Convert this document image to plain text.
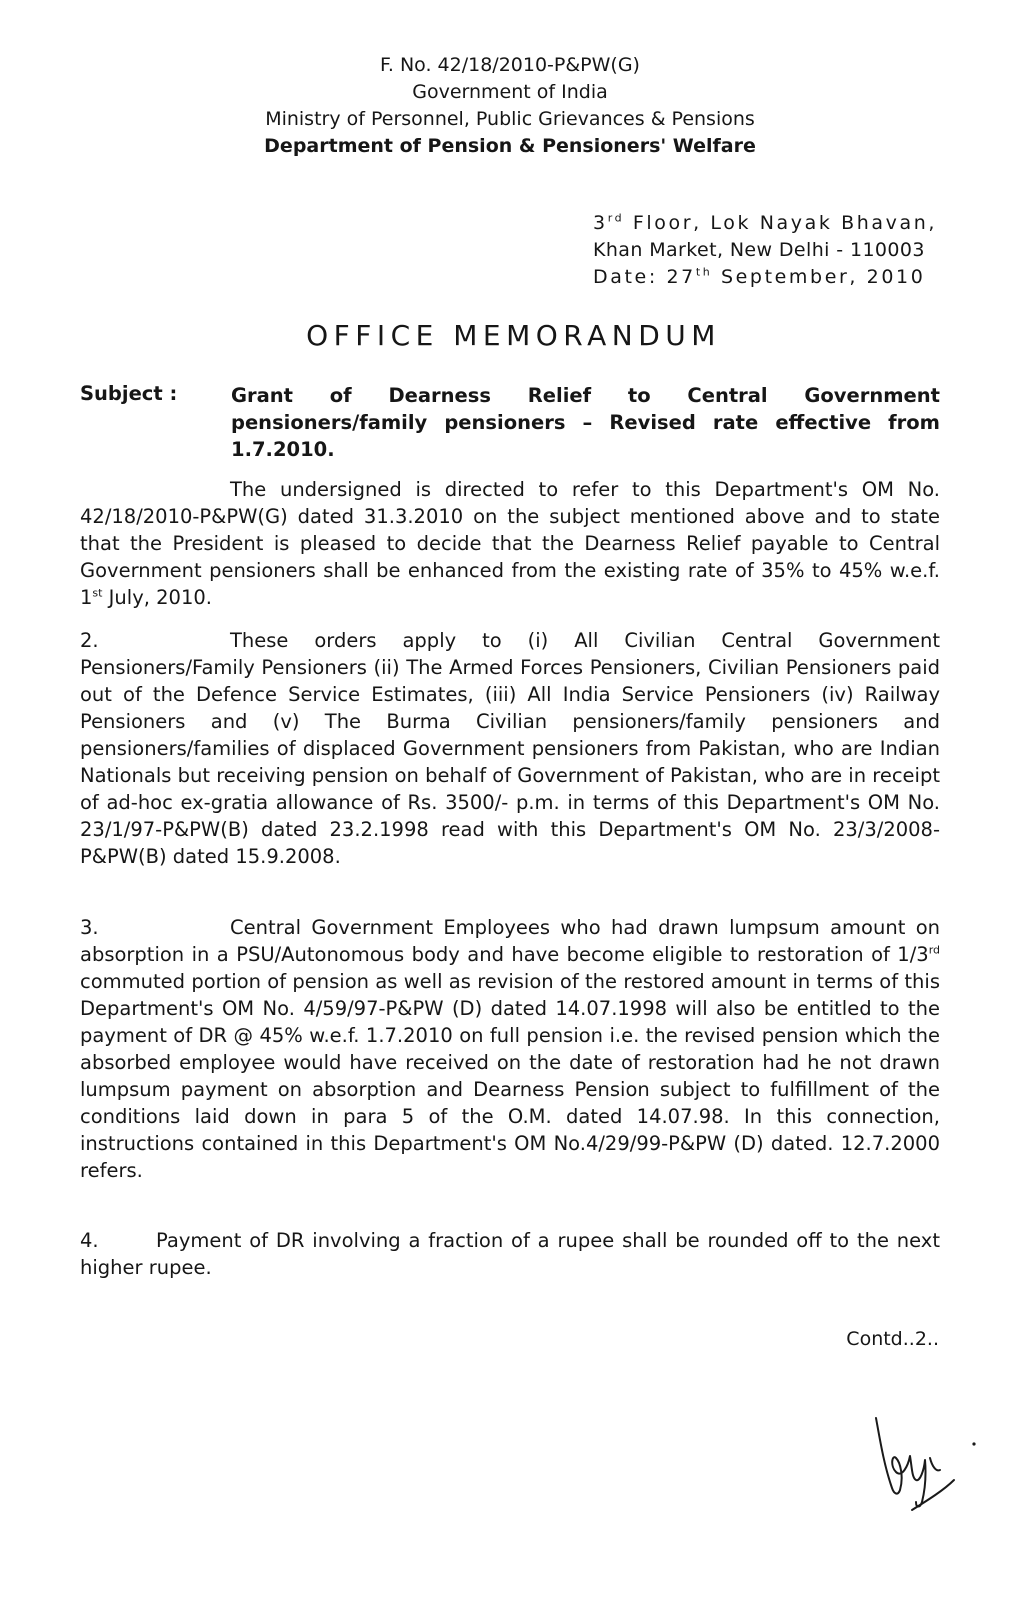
F. No. 42/18/2010-P&PW(G)
Government of India
Ministry of Personnel, Public Grievances & Pensions
Department of Pension & Pensioners' Welfare
3rd Floor, Lok Nayak Bhavan,
Khan Market, New Delhi - 110003
Date: 27th September, 2010
OFFICE MEMORANDUM
Subject :	Grant of Dearness Relief to Central Government pensioners/family pensioners – Revised rate effective from 1.7.2010.
The undersigned is directed to refer to this Department's OM No. 42/18/2010-P&PW(G) dated 31.3.2010 on the subject mentioned above and to state that the President is pleased to decide that the Dearness Relief payable to Central Government pensioners shall be enhanced from the existing rate of 35% to 45% w.e.f. 1st July, 2010.
2.	These orders apply to (i) All Civilian Central Government Pensioners/Family Pensioners (ii) The Armed Forces Pensioners, Civilian Pensioners paid out of the Defence Service Estimates, (iii) All India Service Pensioners (iv) Railway Pensioners and (v) The Burma Civilian pensioners/family pensioners and pensioners/families of displaced Government pensioners from Pakistan, who are Indian Nationals but receiving pension on behalf of Government of Pakistan, who are in receipt of ad-hoc ex-gratia allowance of Rs. 3500/- p.m. in terms of this Department's OM No. 23/1/97-P&PW(B) dated 23.2.1998 read with this Department's OM No. 23/3/2008-P&PW(B) dated 15.9.2008.
3.	Central Government Employees who had drawn lumpsum amount on absorption in a PSU/Autonomous body and have become eligible to restoration of 1/3rd commuted portion of pension as well as revision of the restored amount in terms of this Department's OM No. 4/59/97-P&PW (D) dated 14.07.1998 will also be entitled to the payment of DR @ 45% w.e.f. 1.7.2010 on full pension i.e. the revised pension which the absorbed employee would have received on the date of restoration had he not drawn lumpsum payment on absorption and Dearness Pension subject to fulfillment of the conditions laid down in para 5 of the O.M. dated 14.07.98. In this connection, instructions contained in this Department's OM No.4/29/99-P&PW (D) dated. 12.7.2000 refers.
4.	Payment of DR involving a fraction of a rupee shall be rounded off to the next higher rupee.
Contd..2..
